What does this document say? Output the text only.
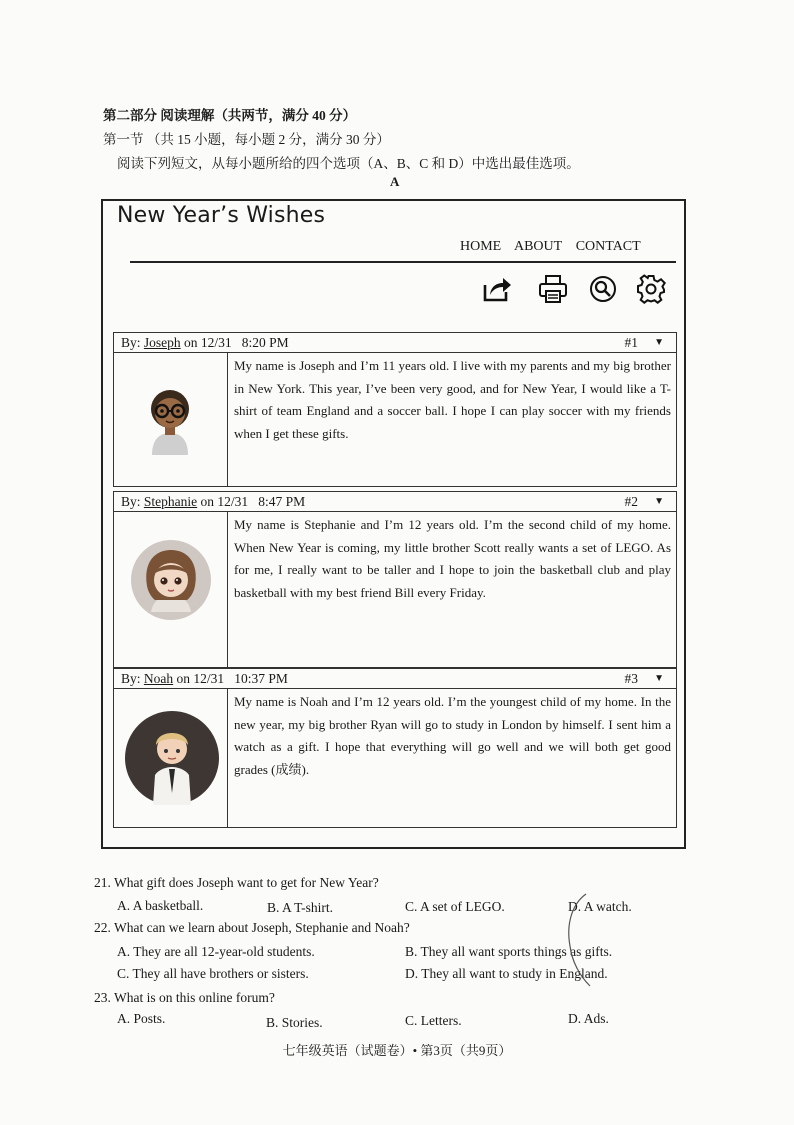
第二部分 阅读理解（共两节，满分 40 分）
第一节 （共 15 小题，每小题 2 分，满分 30 分）
阅读下列短文，从每小题所给的四个选项（A、B、C 和 D）中选出最佳选项。
A
New Year’s Wishes
HOME ABOUT CONTACT
By: Joseph on 12/31 8:20 PM	#1 ▼
My name is Joseph and I’m 11 years old. I live with my parents and my big brother in New York. This year, I’ve been very good, and for New Year, I would like a T-shirt of team England and a soccer ball. I hope I can play soccer with my friends when I get these gifts.
By: Stephanie on 12/31 8:47 PM	#2 ▼
My name is Stephanie and I’m 12 years old. I’m the second child of my home. When New Year is coming, my little brother Scott really wants a set of LEGO. As for me, I really want to be taller and I hope to join the basketball club and play basketball with my best friend Bill every Friday.
By: Noah on 12/31 10:37 PM	#3 ▼
My name is Noah and I’m 12 years old. I’m the youngest child of my home. In the new year, my big brother Ryan will go to study in London by himself. I sent him a watch as a gift. I hope that everything will go well and we will both get good grades (成绩).
21. What gift does Joseph want to get for New Year?
A. A basketball.	B. A T-shirt.	C. A set of LEGO.	D. A watch.
22. What can we learn about Joseph, Stephanie and Noah?
A. They are all 12-year-old students.	B. They all want sports things as gifts.
C. They all have brothers or sisters.	D. They all want to study in England.
23. What is on this online forum?
A. Posts.	B. Stories.	C. Letters.	D. Ads.
七年级英语（试题卷）• 第3页（共9页）
